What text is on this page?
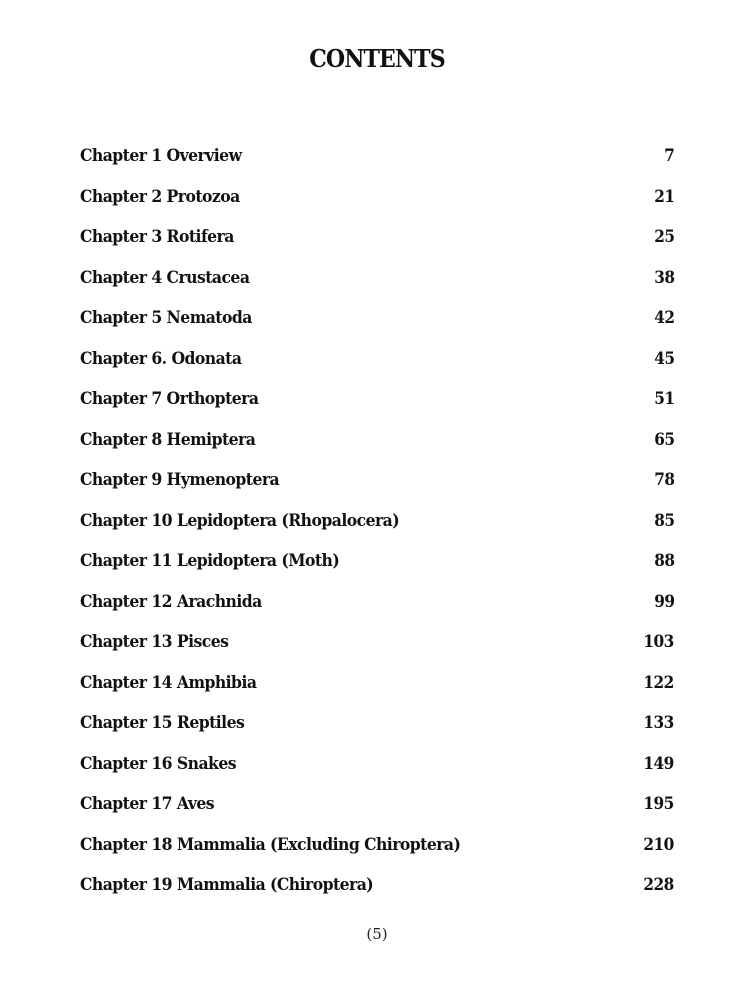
CONTENTS
Chapter 1 Overview	7
Chapter 2 Protozoa	21
Chapter 3 Rotifera	25
Chapter 4 Crustacea	38
Chapter 5 Nematoda	42
Chapter 6. Odonata	45
Chapter 7 Orthoptera	51
Chapter 8 Hemiptera	65
Chapter 9 Hymenoptera	78
Chapter 10 Lepidoptera (Rhopalocera)	85
Chapter 11 Lepidoptera (Moth)	88
Chapter 12 Arachnida	99
Chapter 13 Pisces	103
Chapter 14 Amphibia	122
Chapter 15 Reptiles	133
Chapter 16 Snakes	149
Chapter 17 Aves	195
Chapter 18 Mammalia (Excluding Chiroptera)	210
Chapter 19 Mammalia (Chiroptera)	228
(5)
